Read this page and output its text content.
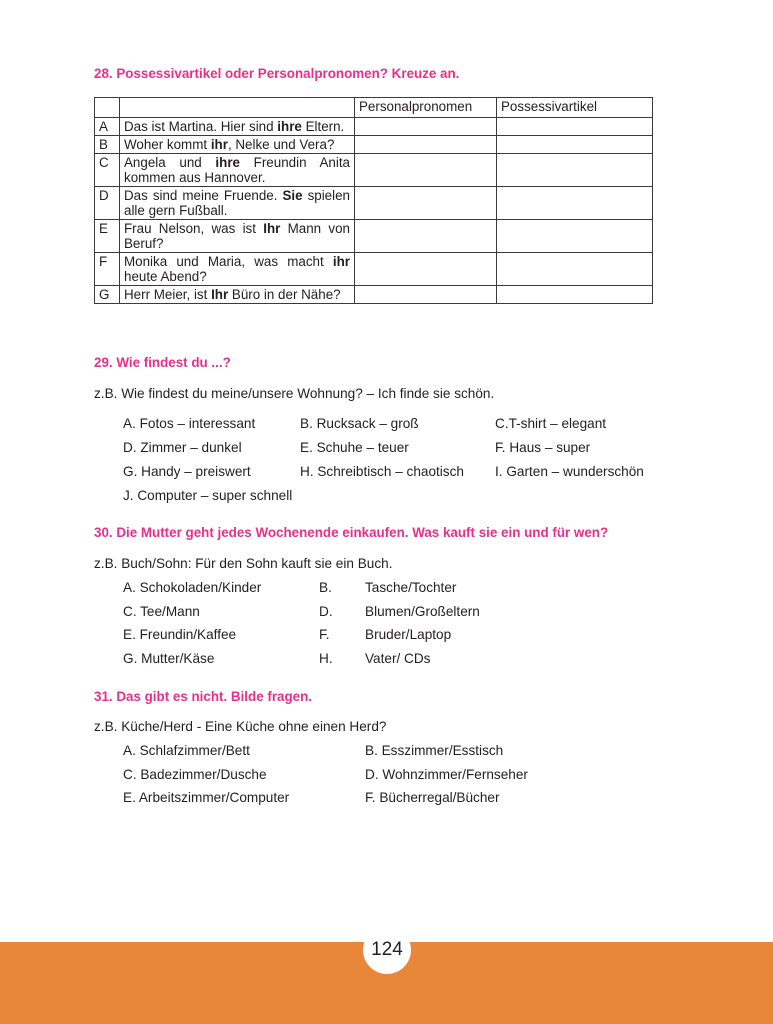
28. Possessivartikel oder Personalpronomen? Kreuze an.
		Personalpronomen	Possessivartikel
A	Das ist Martina. Hier sind ihre Eltern.		
B	Woher kommt ihr, Nelke und Vera?		
C	Angela und ihre Freundin Anita kommen aus Hannover.		
D	Das sind meine Fruende. Sie spielen alle gern Fußball.		
E	Frau Nelson, was ist Ihr Mann von Beruf?		
F	Monika und Maria, was macht ihr heute Abend?		
G	Herr Meier, ist Ihr Büro in der Nähe?		
29. Wie findest du ...?
z.B. Wie findest du meine/unsere Wohnung? – Ich finde sie schön.
A. Fotos – interessant	B. Rucksack – groß	C.T-shirt – elegant
D. Zimmer – dunkel	E. Schuhe – teuer	F. Haus – super
G. Handy – preiswert	H. Schreibtisch – chaotisch I. Garten – wunderschön
J. Computer – super schnell
30. Die Mutter geht jedes Wochenende einkaufen. Was kauft sie ein und für wen?
z.B. Buch/Sohn: Für den Sohn kauft sie ein Buch.
A. Schokoladen/Kinder	B. Tasche/Tochter
C. Tee/Mann	D. Blumen/Großeltern
E. Freundin/Kaffee	F.	Bruder/Laptop
G. Mutter/Käse	H. Vater/ CDs
31. Das gibt es nicht. Bilde fragen.
z.B. Küche/Herd - Eine Küche ohne einen Herd?
A. Schlafzimmer/Bett	B. Esszimmer/Esstisch
C. Badezimmer/Dusche	D. Wohnzimmer/Fernseher
E. Arbeitszimmer/Computer	F. Bücherregal/Bücher
124
